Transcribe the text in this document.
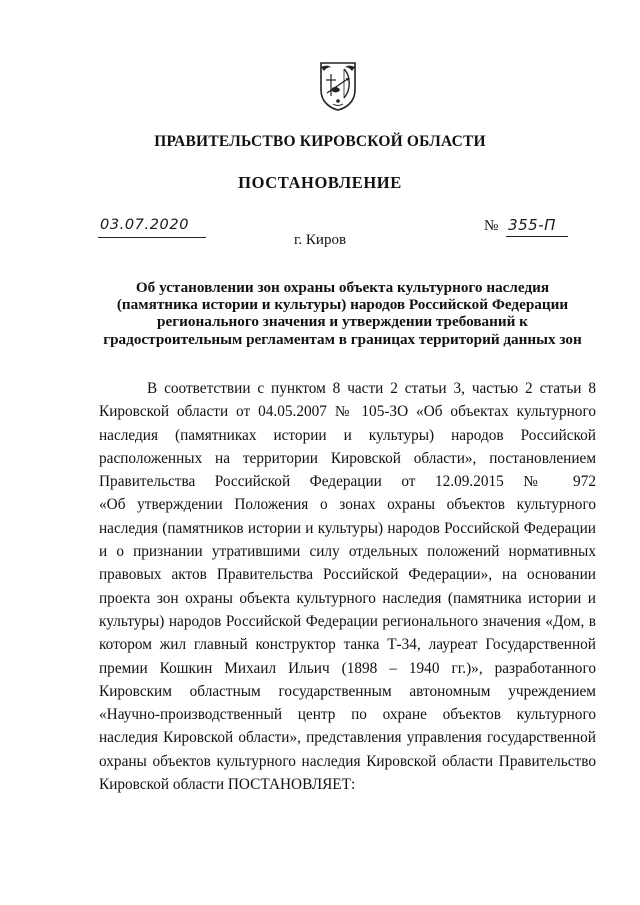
ПРАВИТЕЛЬСТВО КИРОВСКОЙ ОБЛАСТИ
ПОСТАНОВЛЕНИЕ
03.07.2020	№ 355-П
г. Киров
Об установлении зон охраны объекта культурного наследия
(памятника истории и культуры) народов Российской Федерации
регионального значения и утверждении требований к
градостроительным регламентам в границах территорий данных зон
В соответствии с пунктом 8 части 2 статьи 3, частью 2 статьи 8
Кировской области от 04.05.2007 № 105-ЗО «Об объектах культурного
наследия (памятниках истории и культуры) народов Российской
расположенных на территории Кировской области», постановлением
Правительства Российской Федерации от 12.09.2015 № 972
«Об утверждении Положения о зонах охраны объектов культурного
наследия (памятников истории и культуры) народов Российской Федерации
и о признании утратившими силу отдельных положений нормативных
правовых актов Правительства Российской Федерации», на основании
проекта зон охраны объекта культурного наследия (памятника истории и
культуры) народов Российской Федерации регионального значения «Дом, в
котором жил главный конструктор танка Т-34, лауреат Государственной
премии Кошкин Михаил Ильич (1898 – 1940 гг.)», разработанного
Кировским областным государственным автономным учреждением
«Научно-производственный центр по охране объектов культурного
наследия Кировской области», представления управления государственной
охраны объектов культурного наследия Кировской области Правительство
Кировской области ПОСТАНОВЛЯЕТ:
